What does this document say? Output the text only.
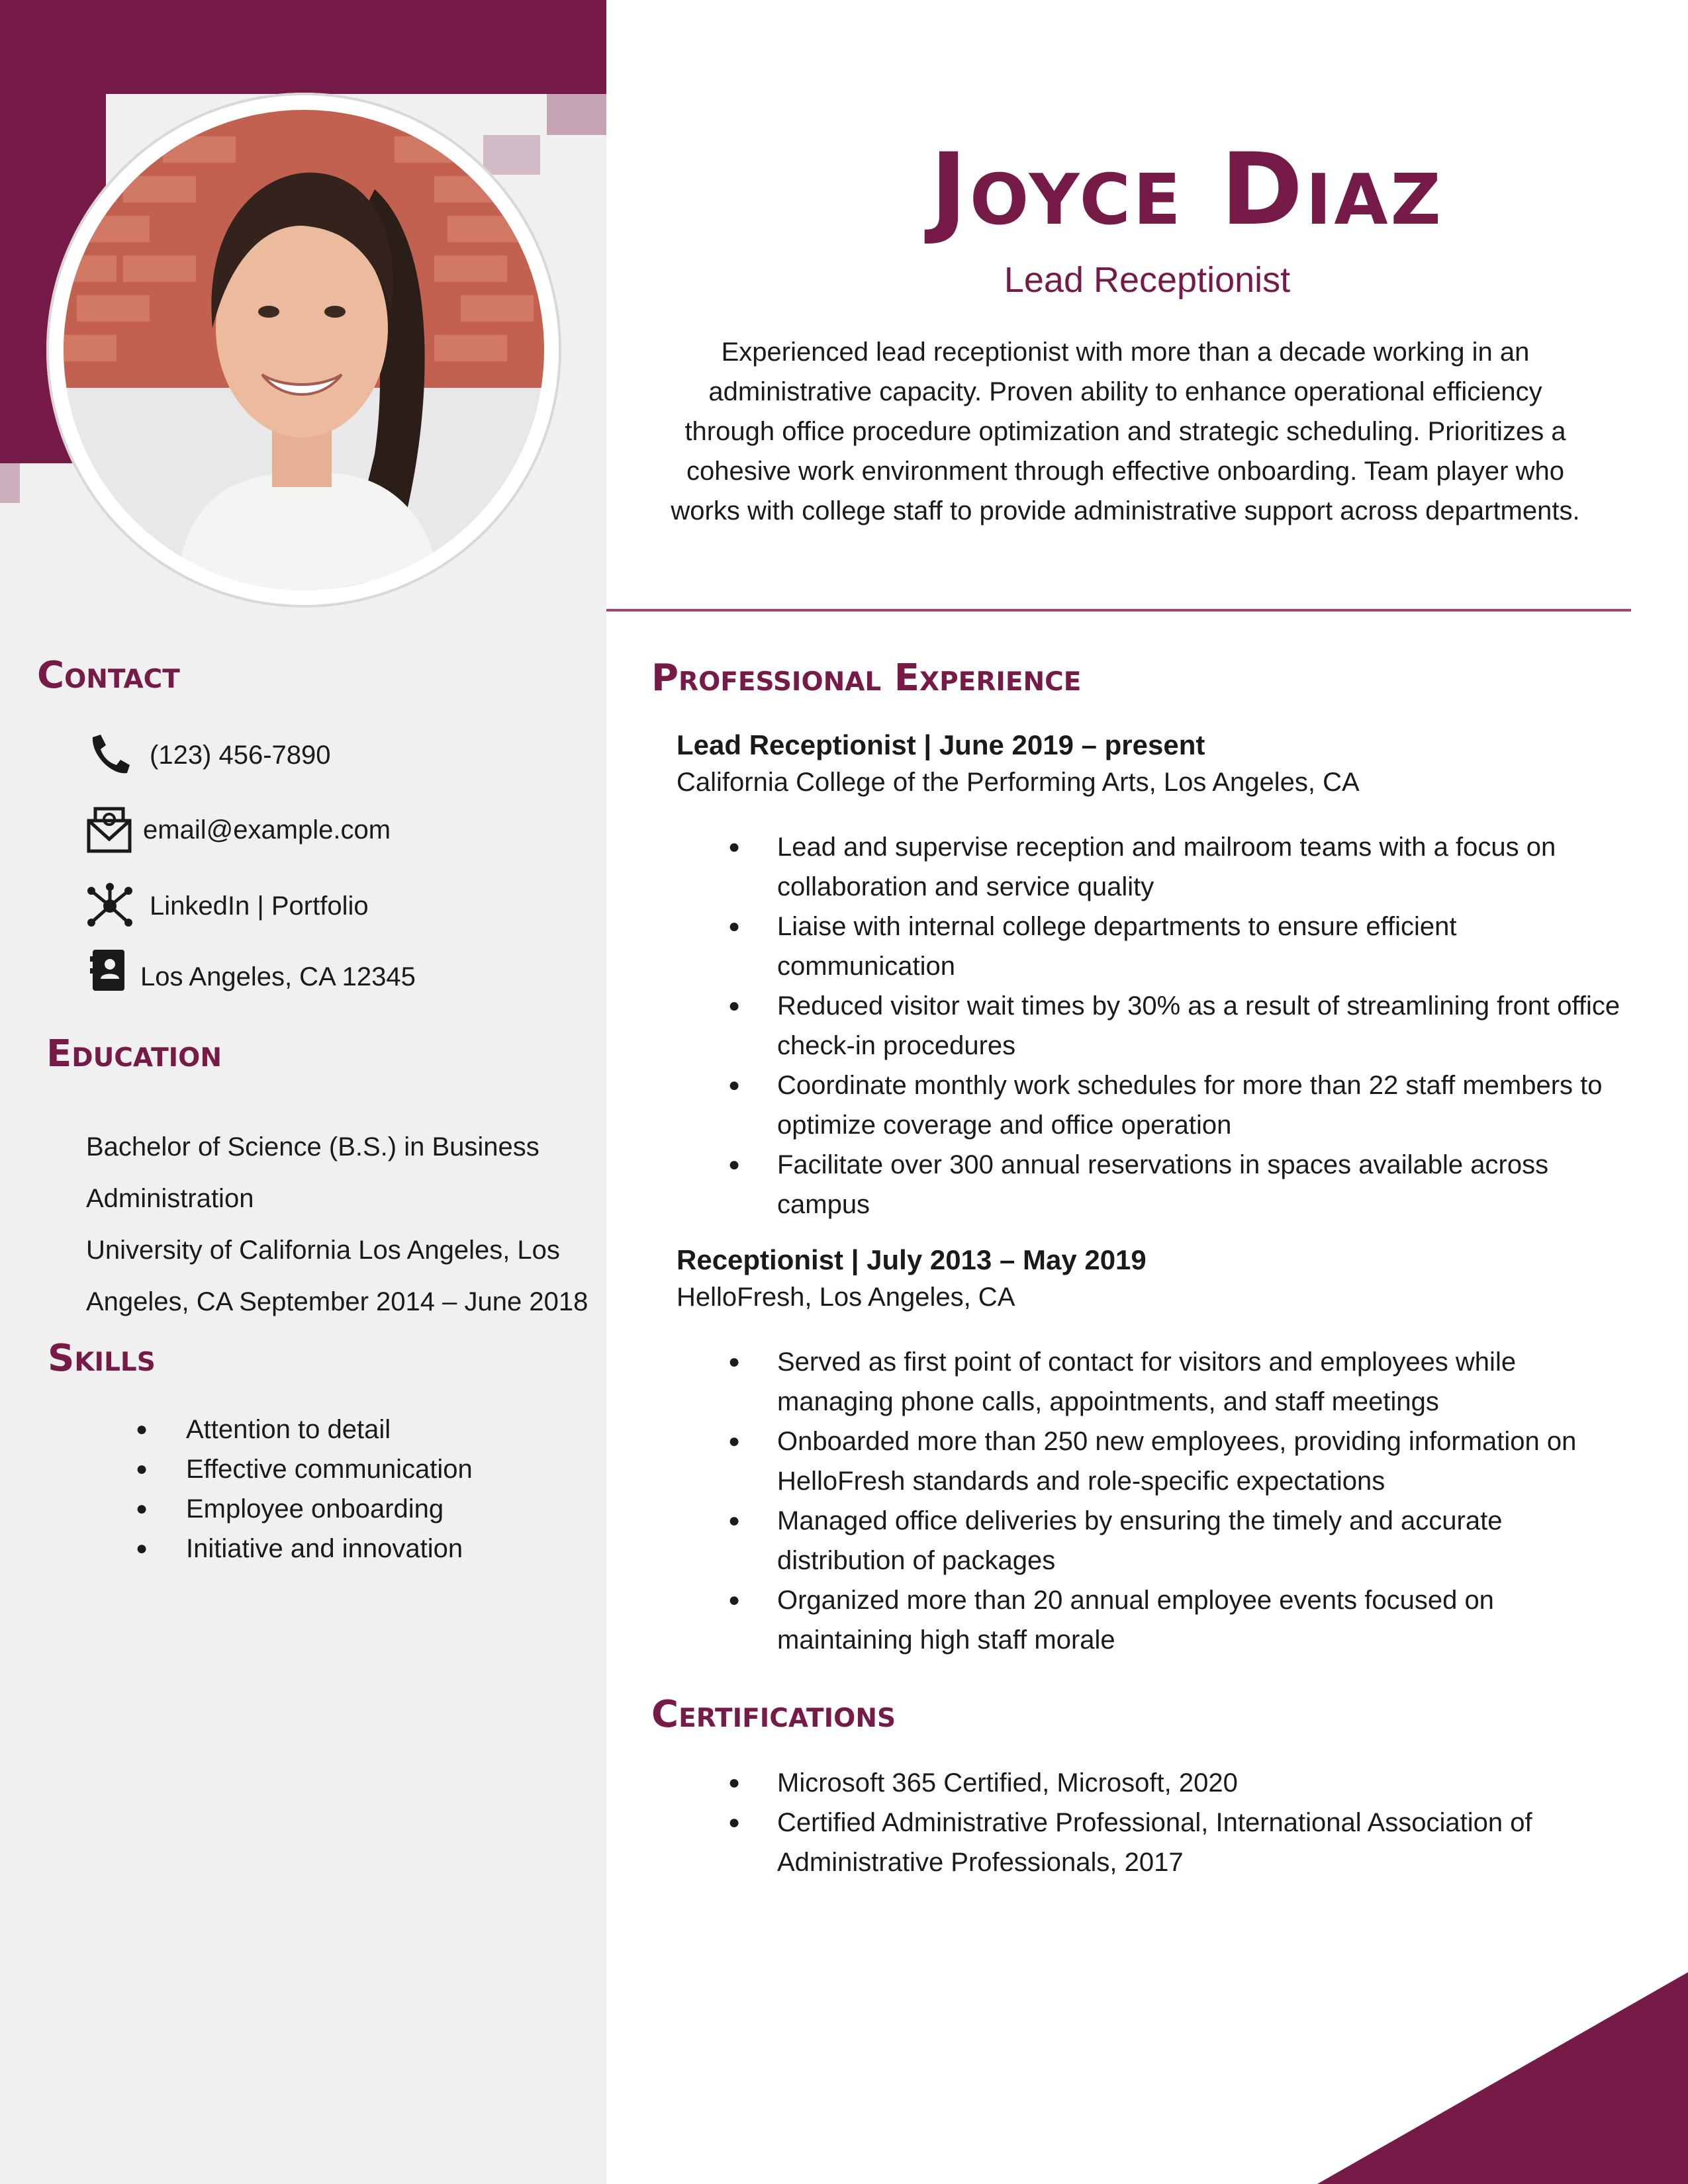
Joyce Diaz
Lead Receptionist
Experienced lead receptionist with more than a decade working in an administrative capacity. Proven ability to enhance operational efficiency through office procedure optimization and strategic scheduling. Prioritizes a cohesive work environment through effective onboarding. Team player who works with college staff to provide administrative support across departments.
Contact
(123) 456-7890
email@example.com
LinkedIn | Portfolio
Los Angeles, CA 12345
Education
Bachelor of Science (B.S.) in Business
Administration
University of California Los Angeles, Los
Angeles, CA September 2014 – June 2018
Skills
● Attention to detail
● Effective communication
● Employee onboarding
● Initiative and innovation
Professional Experience
Lead Receptionist | June 2019 – present
California College of the Performing Arts, Los Angeles, CA
● Lead and supervise reception and mailroom teams with a focus on collaboration and service quality
● Liaise with internal college departments to ensure efficient communication
● Reduced visitor wait times by 30% as a result of streamlining front office check-in procedures
● Coordinate monthly work schedules for more than 22 staff members to optimize coverage and office operation
● Facilitate over 300 annual reservations in spaces available across campus
Receptionist | July 2013 – May 2019
HelloFresh, Los Angeles, CA
● Served as first point of contact for visitors and employees while managing phone calls, appointments, and staff meetings
● Onboarded more than 250 new employees, providing information on HelloFresh standards and role-specific expectations
● Managed office deliveries by ensuring the timely and accurate distribution of packages
● Organized more than 20 annual employee events focused on maintaining high staff morale
Certifications
● Microsoft 365 Certified, Microsoft, 2020
● Certified Administrative Professional, International Association of Administrative Professionals, 2017
